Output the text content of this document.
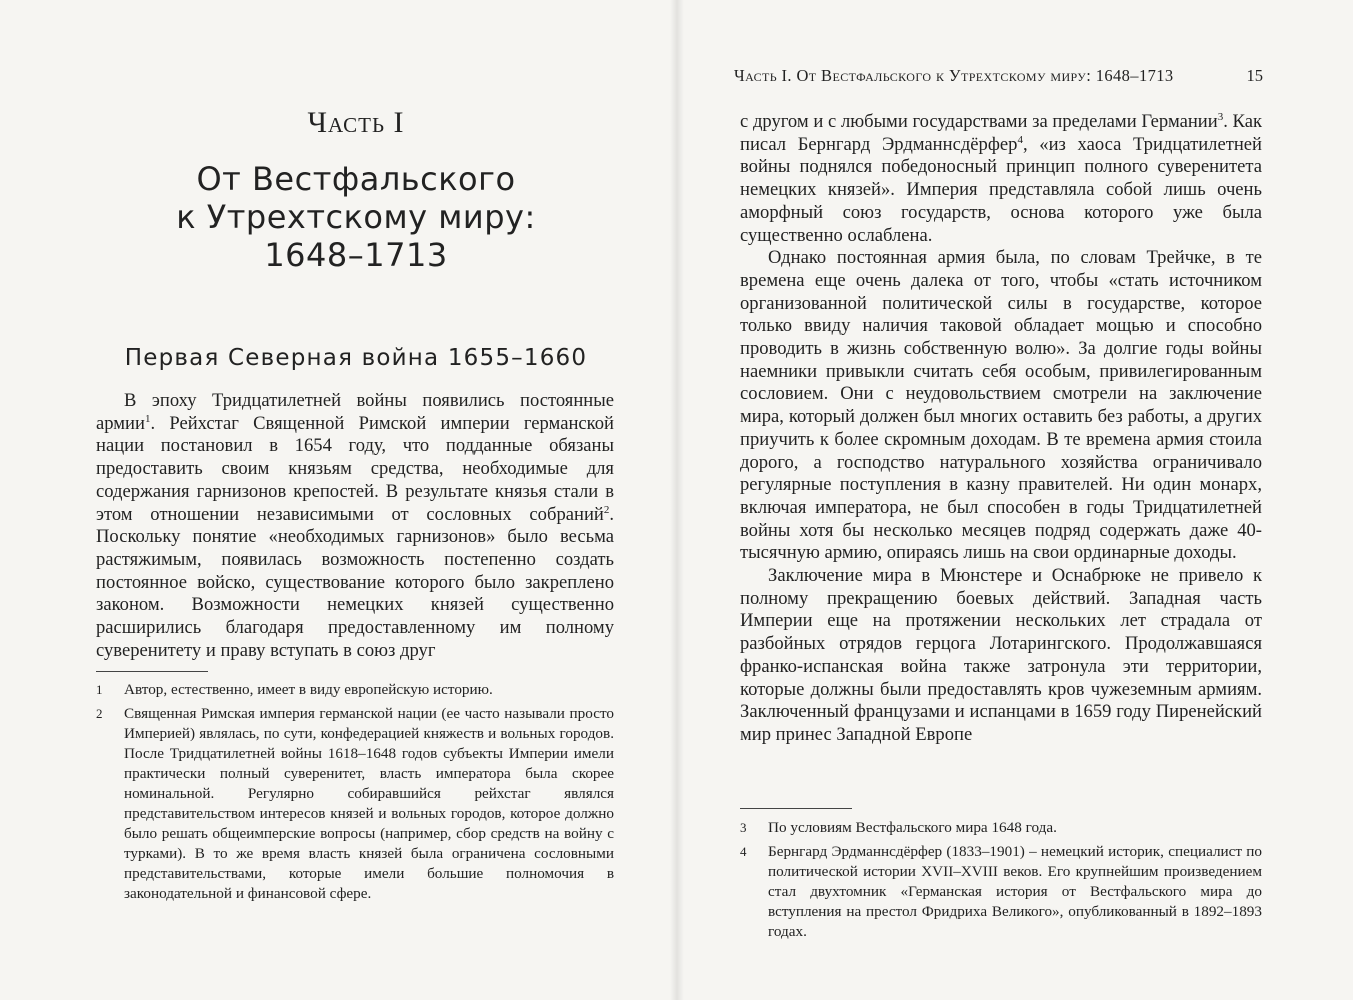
Часть I
От Вестфальского
к Утрехтскому миру:
1648–1713
Первая Северная война 1655–1660

В эпоху Тридцатилетней войны появились постоянные армии$^1$. Рейхстаг Священной Римской империи германской нации постановил в 1654 году, что подданные обязаны предоставить своим князьям средства, необходимые для содержания гарнизонов крепостей. В результате князья стали в этом отношении независимыми от сословных собраний$^2$. Поскольку понятие «необходимых гарнизонов» было весьма растяжимым, появилась возможность постепенно создать постоянное войско, существование которого было закреплено законом. Возможности немецких князей существенно расширились благодаря предоставленному им полному суверенитету и праву вступать в союз друг

1	Автор, естественно, имеет в виду европейскую историю.
2	Священная Римская империя германской нации (ее часто называли просто Империей) являлась, по сути, конфедерацией княжеств и вольных городов. После Тридцатилетней войны 1618–1648 годов субъекты Империи имели практически полный суверенитет, власть императора была скорее номинальной. Регулярно собиравшийся рейхстаг являлся представительством интересов князей и вольных городов, которое должно было решать общеимперские вопросы (например, сбор средств на войну с турками). В то же время власть князей была ограничена сословными представительствами, которые имели большие полномочия в законодательной и финансовой сфере.
Часть I. От Вестфальского к Утрехтскому миру: 1648–1713	15

с другом и с любыми государствами за пределами Германии$^3$. Как писал Бернгард Эрдманнсдёрфер$^4$, «из хаоса Тридцатилетней войны поднялся победоносный принцип полного суверенитета немецких князей». Империя представляла собой лишь очень аморфный союз государств, основа которого уже была существенно ослаблена.

Однако постоянная армия была, по словам Трейчке, в те времена еще очень далека от того, чтобы «стать источником организованной политической силы в государстве, которое только ввиду наличия таковой обладает мощью и способно проводить в жизнь собственную волю». За долгие годы войны наемники привыкли считать себя особым, привилегированным сословием. Они с неудовольствием смотрели на заключение мира, который должен был многих оставить без работы, а других приучить к более скромным доходам. В те времена армия стоила дорого, а господство натурального хозяйства ограничивало регулярные поступления в казну правителей. Ни один монарх, включая императора, не был способен в годы Тридцатилетней войны хотя бы несколько месяцев подряд содержать даже 40-тысячную армию, опираясь лишь на свои ординарные доходы.

Заключение мира в Мюнстере и Оснабрюке не привело к полному прекращению боевых действий. Западная часть Империи еще на протяжении нескольких лет страдала от разбойных отрядов герцога Лотарингского. Продолжавшаяся франко-испанская война также затронула эти территории, которые должны были предоставлять кров чужеземным армиям. Заключенный французами и испанцами в 1659 году Пиренейский мир принес Западной Европе

3	По условиям Вестфальского мира 1648 года.
4	Бернгард Эрдманнсдёрфер (1833–1901) – немецкий историк, специалист по политической истории XVII–XVIII веков. Его крупнейшим произведением стал двухтомник «Германская история от Вестфальского мира до вступления на престол Фридриха Великого», опубликованный в 1892–1893 годах.
